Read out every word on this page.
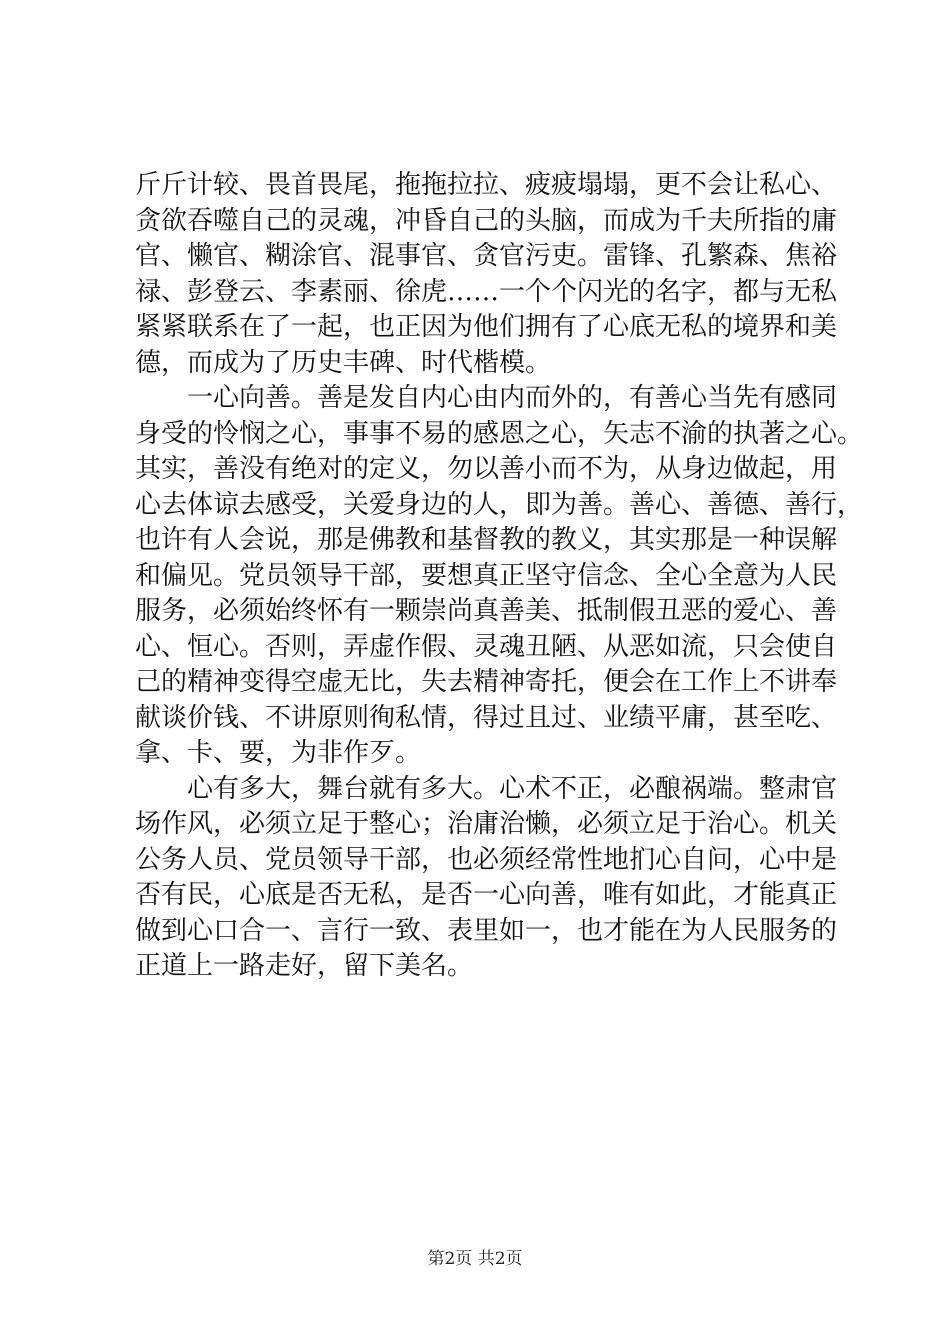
斤斤计较、畏首畏尾，拖拖拉拉、疲疲塌塌，更不会让私心、
贪欲吞噬自己的灵魂，冲昏自己的头脑，而成为千夫所指的庸
官、懒官、糊涂官、混事官、贪官污吏。雷锋、孔繁森、焦裕
禄、彭登云、李素丽、徐虎……一个个闪光的名字，都与无私
紧紧联系在了一起，也正因为他们拥有了心底无私的境界和美
德，而成为了历史丰碑、时代楷模。
一心向善。善是发自内心由内而外的，有善心当先有感同
身受的怜悯之心，事事不易的感恩之心，矢志不渝的执著之心。
其实，善没有绝对的定义，勿以善小而不为，从身边做起，用
心去体谅去感受，关爱身边的人，即为善。善心、善德、善行，
也许有人会说，那是佛教和基督教的教义，其实那是一种误解
和偏见。党员领导干部，要想真正坚守信念、全心全意为人民
服务，必须始终怀有一颗崇尚真善美、抵制假丑恶的爱心、善
心、恒心。否则，弄虚作假、灵魂丑陋、从恶如流，只会使自
己的精神变得空虚无比，失去精神寄托，便会在工作上不讲奉
献谈价钱、不讲原则徇私情，得过且过、业绩平庸，甚至吃、
拿、卡、要，为非作歹。
心有多大，舞台就有多大。心术不正，必酿祸端。整肃官
场作风，必须立足于整心；治庸治懒，必须立足于治心。机关
公务人员、党员领导干部，也必须经常性地扪心自问，心中是
否有民，心底是否无私，是否一心向善，唯有如此，才能真正
做到心口合一、言行一致、表里如一，也才能在为人民服务的
正道上一路走好，留下美名。
第2页 共2页
